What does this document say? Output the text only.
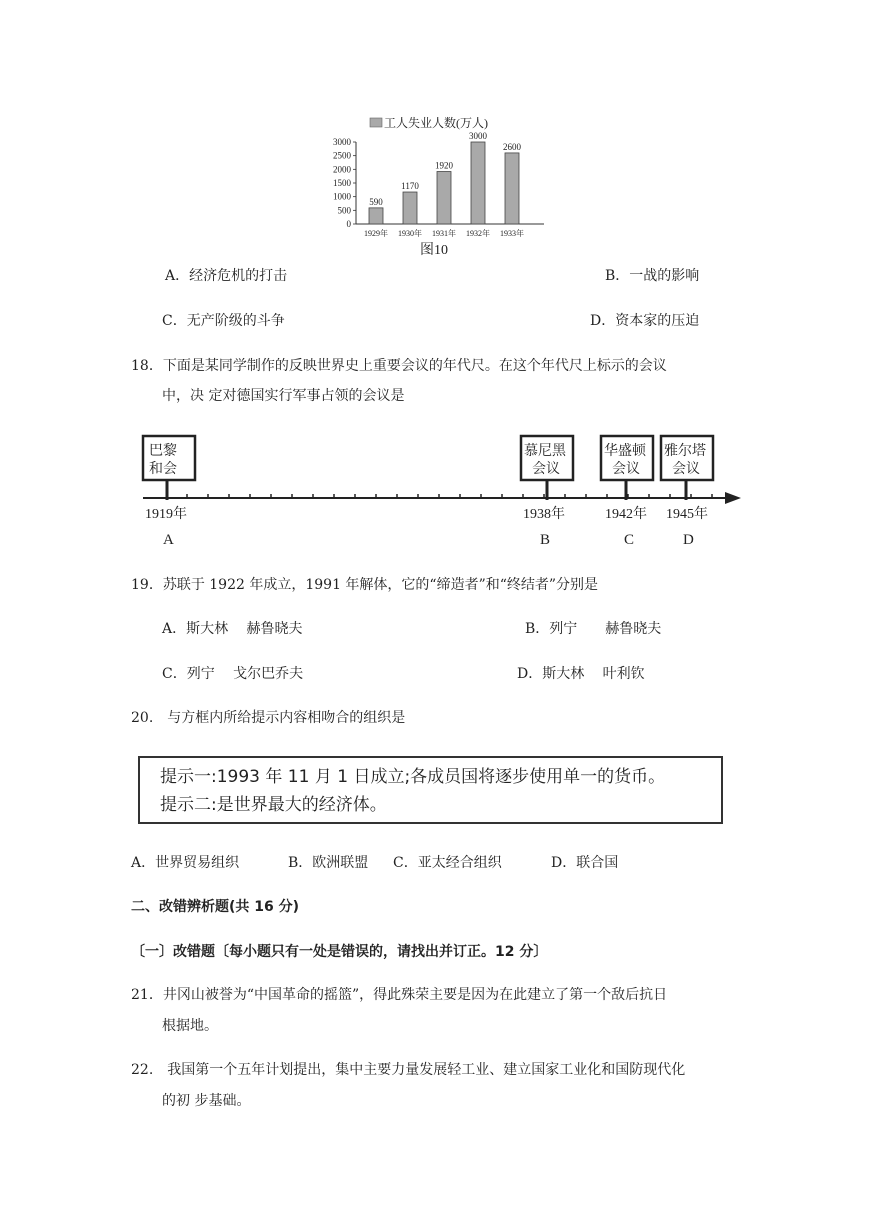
工人失业人数(万人)
3000
2500
2000
1500
1000
500
0
590
1170
1920
3000
2600
1929年 1930年 1931年 1932年 1933年
图10
A．经济危机的打击	B．一战的影响
C．无产阶级的斗争	D．资本家的压迫
18．下面是某同学制作的反映世界史上重要会议的年代尺。在这个年代尺上标示的会议
中，决 定对德国实行军事占领的会议是
巴黎
和会
慕尼黑
会议
华盛顿
会议
雅尔塔
会议
1919年	1938年	1942年 1945年
A	B	C	D
19．苏联于 1922 年成立，1991 年解体，它的“缔造者”和“终结者”分别是
A．斯大林　 赫鲁晓夫	B．列宁　　赫鲁晓夫
C．列宁　 戈尔巴乔夫	D．斯大林　 叶利钦
20.　与方框内所给提示内容相吻合的组织是
提示一:1993 年 11 月 1 日成立;各成员国将逐步使用单一的货币。
提示二:是世界最大的经济体。
A．世界贸易组织	B．欧洲联盟 C．亚太经合组织	D．联合国
二、改错辨析题(共 16 分)
〔一〕改错题〔每小题只有一处是错误的，请找出并订正。12 分〕
21．井冈山被誉为“中国革命的摇篮”，得此殊荣主要是因为在此建立了第一个敌后抗日
根据地。
22.　我国第一个五年计划提出，集中主要力量发展轻工业、建立国家工业化和国防现代化
的初 步基础。
